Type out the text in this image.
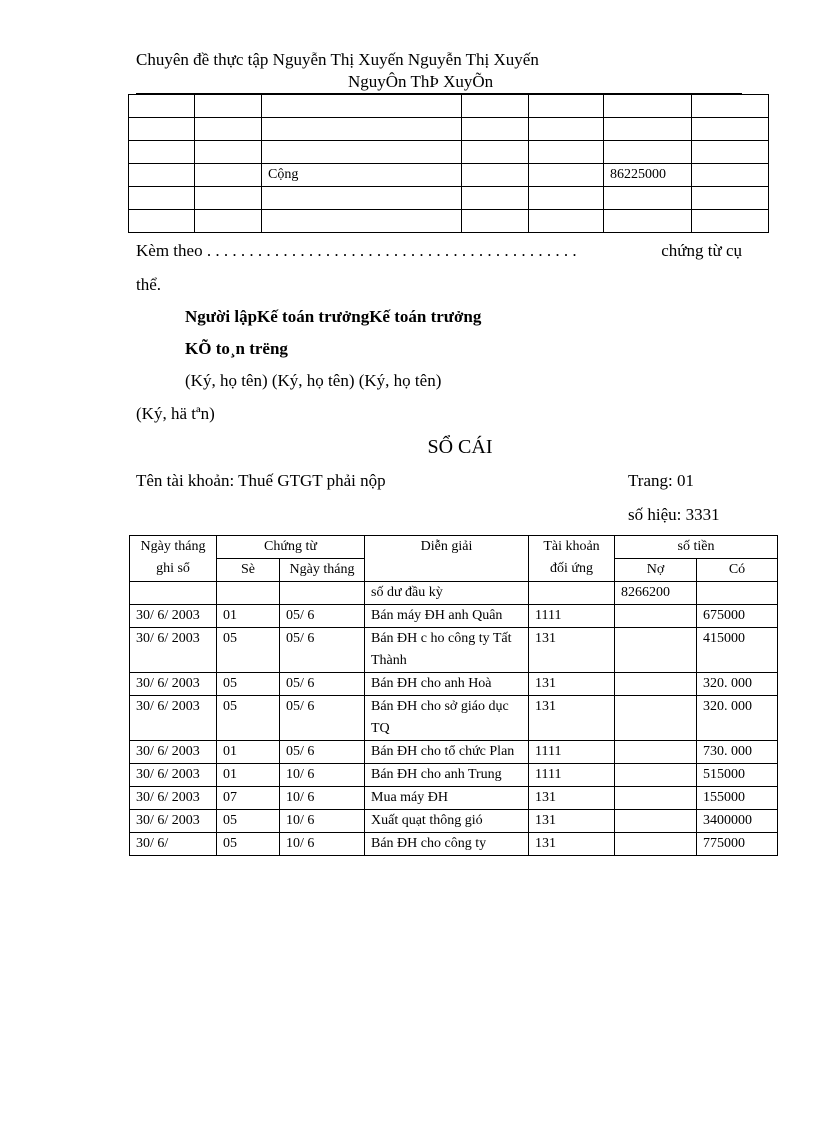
Chuyên đề thực tập Nguyễn Thị Xuyến Nguyễn Thị Xuyến
NguyÔn ThÞ XuyÕn

		Cộng			86225000	

Kèm theo . . . . . . . . . . . . . . . . . . . . . . . . . . . . . . . . . . . . . . . . . . . .	chứng từ cụ
thể.
Người lậpKế toán trưởngKế toán trưởng
KÕ to¸n trëng
(Ký, họ tên) (Ký, họ tên) (Ký, họ tên)
(Ký, hä tªn)
SỔ CÁI
Tên tài khoản: Thuế GTGT phải nộp	Trang: 01
số hiệu: 3331
Ngày tháng ghi sổ	Chứng từ		Diễn giải	Tài khoản đối ứng	số tiền	
	Sè	Ngày tháng			Nợ	Có
			số dư đầu kỳ		8266200	
30/ 6/ 2003	01	05/ 6	Bán máy ĐH anh Quân	1111		675000
30/ 6/ 2003	05	05/ 6	Bán ĐH c ho công ty Tất Thành	131		415000
30/ 6/ 2003	05	05/ 6	Bán ĐH cho anh Hoà	131		320. 000
30/ 6/ 2003	05	05/ 6	Bán ĐH cho sở giáo dục TQ	131		320. 000
30/ 6/ 2003	01	05/ 6	Bán ĐH cho tổ chức Plan	1111		730. 000
30/ 6/ 2003	01	10/ 6	Bán ĐH cho anh Trung	1111		515000
30/ 6/ 2003	07	10/ 6	Mua máy ĐH	131		155000
30/ 6/ 2003	05	10/ 6	Xuất quạt thông gió	131		3400000
30/ 6/	05	10/ 6	Bán ĐH cho công ty	131		775000
